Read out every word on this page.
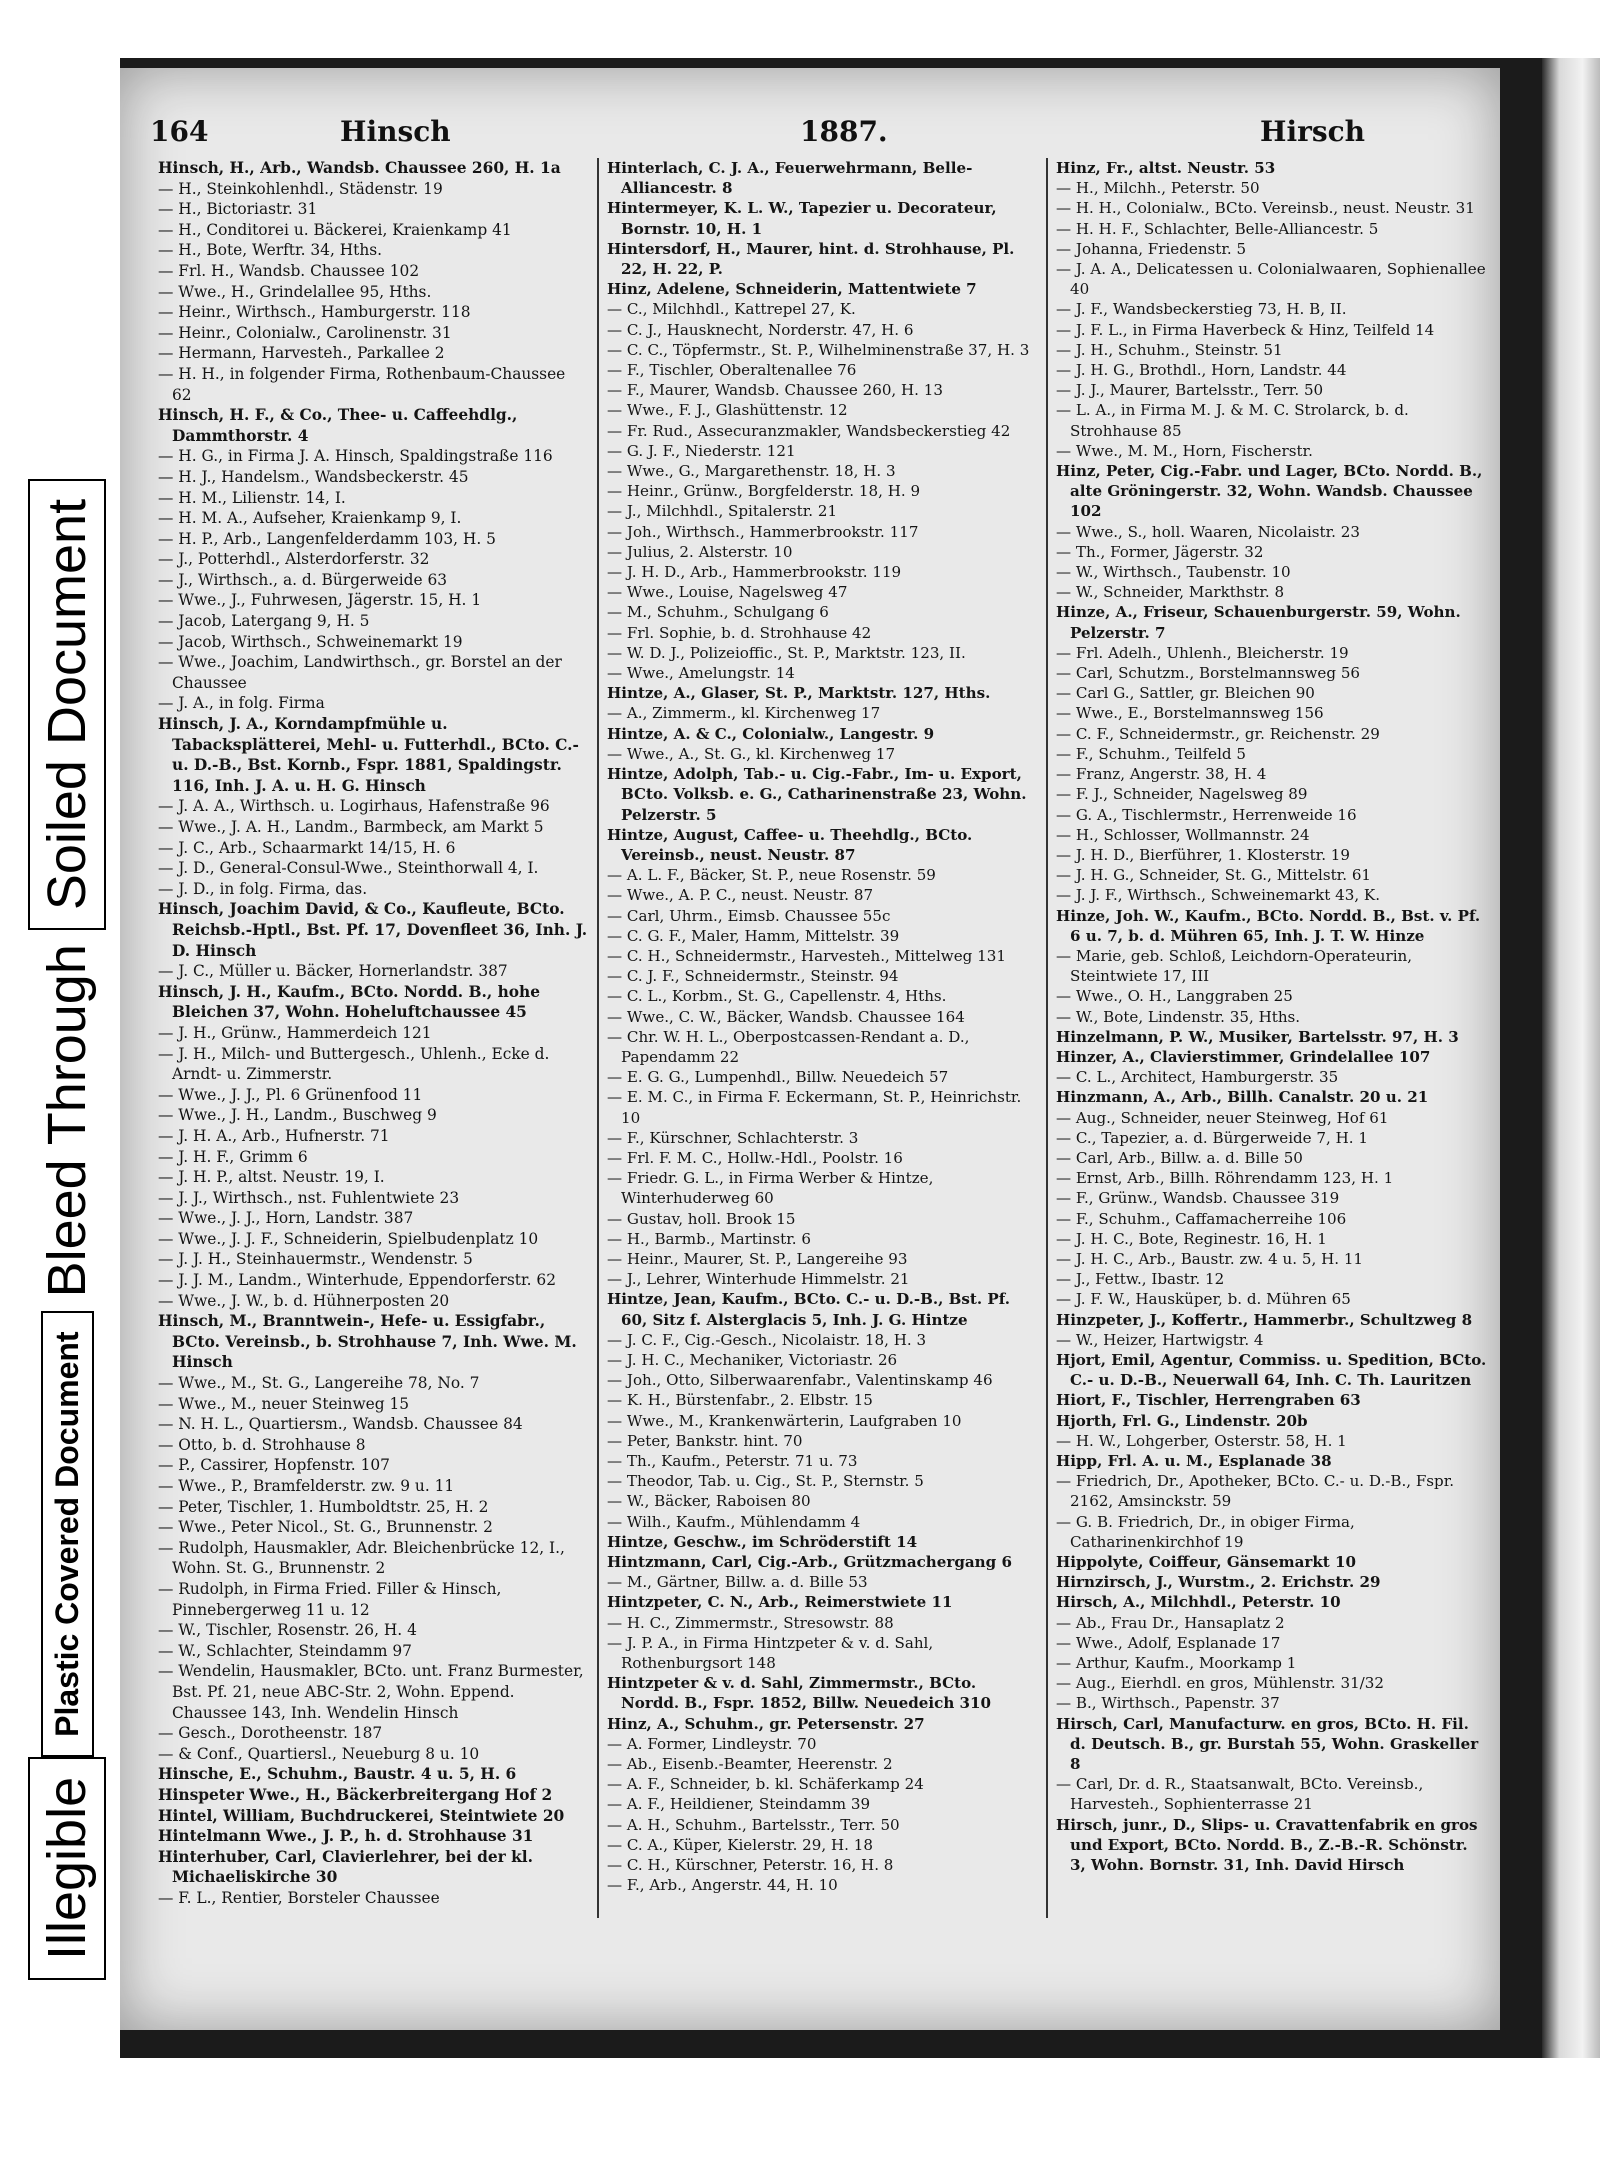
Illegible
Plastic Covered Document
Bleed Through
Soiled Document
164	Hinsch	1887.	Hirsch
Hinsch, H., Arb., Wandsb. Chaussee 260, H. 1a
— H., Steinkohlenhdl., Städenstr. 19
— H., Bictoriastr. 31
— H., Conditorei u. Bäckerei, Kraienkamp 41
— H., Bote, Werftr. 34, Hths.
— Frl. H., Wandsb. Chaussee 102
— Wwe., H., Grindelallee 95, Hths.
— Heinr., Wirthsch., Hamburgerstr. 118
— Heinr., Colonialw., Carolinenstr. 31
— Hermann, Harvesteh., Parkallee 2
— H. H., in folgender Firma, Rothenbaum-Chaussee 62
Hinsch, H. F., & Co., Thee- u. Caffeehdlg., Dammthorstr. 4
— H. G., in Firma J. A. Hinsch, Spaldingstraße 116
— H. J., Handelsm., Wandsbeckerstr. 45
— H. M., Lilienstr. 14, I.
— H. M. A., Aufseher, Kraienkamp 9, I.
— H. P., Arb., Langenfelderdamm 103, H. 5
— J., Potterhdl., Alsterdorferstr. 32
— J., Wirthsch., a. d. Bürgerweide 63
— Wwe., J., Fuhrwesen, Jägerstr. 15, H. 1
— Jacob, Latergang 9, H. 5
— Jacob, Wirthsch., Schweinemarkt 19
— Wwe., Joachim, Landwirthsch., gr. Borstel an der Chaussee
— J. A., in folg. Firma
Hinsch, J. A., Korndampfmühle u. Tabacksplätterei, Mehl- u. Futterhdl., BCto. C.- u. D.-B., Bst. Kornb., Fspr. 1881, Spaldingstr. 116, Inh. J. A. u. H. G. Hinsch
— J. A. A., Wirthsch. u. Logirhaus, Hafenstraße 96
— Wwe., J. A. H., Landm., Barmbeck, am Markt 5
— J. C., Arb., Schaarmarkt 14/15, H. 6
— J. D., General-Consul-Wwe., Steinthorwall 4, I.
— J. D., in folg. Firma, das.
Hinsch, Joachim David, & Co., Kaufleute, BCto. Reichsb.-Hptl., Bst. Pf. 17, Dovenfleet 36, Inh. J. D. Hinsch
— J. C., Müller u. Bäcker, Hornerlandstr. 387
Hinsch, J. H., Kaufm., BCto. Nordd. B., hohe Bleichen 37, Wohn. Hoheluftchaussee 45
— J. H., Grünw., Hammerdeich 121
— J. H., Milch- und Buttergesch., Uhlenh., Ecke d. Arndt- u. Zimmerstr.
— Wwe., J. J., Pl. 6 Grünenfood 11
— Wwe., J. H., Landm., Buschweg 9
— J. H. A., Arb., Hufnerstr. 71
— J. H. F., Grimm 6
— J. H. P., altst. Neustr. 19, I.
— J. J., Wirthsch., nst. Fuhlentwiete 23
— Wwe., J. J., Horn, Landstr. 387
— Wwe., J. J. F., Schneiderin, Spielbudenplatz 10
— J. J. H., Steinhauermstr., Wendenstr. 5
— J. J. M., Landm., Winterhude, Eppendorferstr. 62
— Wwe., J. W., b. d. Hühnerposten 20
Hinsch, M., Branntwein-, Hefe- u. Essigfabr., BCto. Vereinsb., b. Strohhause 7, Inh. Wwe. M. Hinsch
— Wwe., M., St. G., Langereihe 78, No. 7
— Wwe., M., neuer Steinweg 15
— N. H. L., Quartiersm., Wandsb. Chaussee 84
— Otto, b. d. Strohhause 8
— P., Cassirer, Hopfenstr. 107
— Wwe., P., Bramfelderstr. zw. 9 u. 11
— Peter, Tischler, 1. Humboldtstr. 25, H. 2
— Wwe., Peter Nicol., St. G., Brunnenstr. 2
— Rudolph, Hausmakler, Adr. Bleichenbrücke 12, I., Wohn. St. G., Brunnenstr. 2
— Rudolph, in Firma Fried. Filler & Hinsch, Pinnebergerweg 11 u. 12
— W., Tischler, Rosenstr. 26, H. 4
— W., Schlachter, Steindamm 97
— Wendelin, Hausmakler, BCto. unt. Franz Burmester, Bst. Pf. 21, neue ABC-Str. 2, Wohn. Eppend. Chaussee 143, Inh. Wendelin Hinsch
— Gesch., Dorotheenstr. 187
— & Conf., Quartiersl., Neueburg 8 u. 10
Hinsche, E., Schuhm., Baustr. 4 u. 5, H. 6
Hinspeter Wwe., H., Bäckerbreitergang Hof 2
Hintel, William, Buchdruckerei, Steintwiete 20
Hintelmann Wwe., J. P., h. d. Strohhause 31
Hinterhuber, Carl, Clavierlehrer, bei der kl. Michaeliskirche 30
— F. L., Rentier, Borsteler Chaussee
Hinterlach, C. J. A., Feuerwehrmann, Belle-Alliancestr. 8
Hintermeyer, K. L. W., Tapezier u. Decorateur, Bornstr. 10, H. 1
Hintersdorf, H., Maurer, hint. d. Strohhause, Pl. 22, H. 22, P.
Hinz, Adelene, Schneiderin, Mattentwiete 7
— C., Milchhdl., Kattrepel 27, K.
— C. J., Hausknecht, Norderstr. 47, H. 6
— C. C., Töpfermstr., St. P., Wilhelminenstraße 37, H. 3
— F., Tischler, Oberaltenallee 76
— F., Maurer, Wandsb. Chaussee 260, H. 13
— Wwe., F. J., Glashüttenstr. 12
— Fr. Rud., Assecuranzmakler, Wandsbeckerstieg 42
— G. J. F., Niederstr. 121
— Wwe., G., Margarethenstr. 18, H. 3
— Heinr., Grünw., Borgfelderstr. 18, H. 9
— J., Milchhdl., Spitalerstr. 21
— Joh., Wirthsch., Hammerbrookstr. 117
— Julius, 2. Alsterstr. 10
— J. H. D., Arb., Hammerbrookstr. 119
— Wwe., Louise, Nagelsweg 47
— M., Schuhm., Schulgang 6
— Frl. Sophie, b. d. Strohhause 42
— W. D. J., Polizeioffic., St. P., Marktstr. 123, II.
— Wwe., Amelungstr. 14
Hintze, A., Glaser, St. P., Marktstr. 127, Hths.
— A., Zimmerm., kl. Kirchenweg 17
Hintze, A. & C., Colonialw., Langestr. 9
— Wwe., A., St. G., kl. Kirchenweg 17
Hintze, Adolph, Tab.- u. Cig.-Fabr., Im- u. Export, BCto. Volksb. e. G., Catharinenstraße 23, Wohn. Pelzerstr. 5
Hintze, August, Caffee- u. Theehdlg., BCto. Vereinsb., neust. Neustr. 87
— A. L. F., Bäcker, St. P., neue Rosenstr. 59
— Wwe., A. P. C., neust. Neustr. 87
— Carl, Uhrm., Eimsb. Chaussee 55c
— C. G. F., Maler, Hamm, Mittelstr. 39
— C. H., Schneidermstr., Harvesteh., Mittelweg 131
— C. J. F., Schneidermstr., Steinstr. 94
— C. L., Korbm., St. G., Capellenstr. 4, Hths.
— Wwe., C. W., Bäcker, Wandsb. Chaussee 164
— Chr. W. H. L., Oberpostcassen-Rendant a. D., Papendamm 22
— E. G. G., Lumpenhdl., Billw. Neuedeich 57
— E. M. C., in Firma F. Eckermann, St. P., Heinrichstr. 10
— F., Kürschner, Schlachterstr. 3
— Frl. F. M. C., Hollw.-Hdl., Poolstr. 16
— Friedr. G. L., in Firma Werber & Hintze, Winterhuderweg 60
— Gustav, holl. Brook 15
— H., Barmb., Martinstr. 6
— Heinr., Maurer, St. P., Langereihe 93
— J., Lehrer, Winterhude Himmelstr. 21
Hintze, Jean, Kaufm., BCto. C.- u. D.-B., Bst. Pf. 60, Sitz f. Alsterglacis 5, Inh. J. G. Hintze
— J. C. F., Cig.-Gesch., Nicolaistr. 18, H. 3
— J. H. C., Mechaniker, Victoriastr. 26
— Joh., Otto, Silberwaarenfabr., Valentinskamp 46
— K. H., Bürstenfabr., 2. Elbstr. 15
— Wwe., M., Krankenwärterin, Laufgraben 10
— Peter, Bankstr. hint. 70
— Th., Kaufm., Peterstr. 71 u. 73
— Theodor, Tab. u. Cig., St. P., Sternstr. 5
— W., Bäcker, Raboisen 80
— Wilh., Kaufm., Mühlendamm 4
Hintze, Geschw., im Schröderstift 14
Hintzmann, Carl, Cig.-Arb., Grützmachergang 6
— M., Gärtner, Billw. a. d. Bille 53
Hintzpeter, C. N., Arb., Reimerstwiete 11
— H. C., Zimmermstr., Stresowstr. 88
— J. P. A., in Firma Hintzpeter & v. d. Sahl, Rothenburgsort 148
Hintzpeter & v. d. Sahl, Zimmermstr., BCto. Nordd. B., Fspr. 1852, Billw. Neuedeich 310
Hinz, A., Schuhm., gr. Petersenstr. 27
— A. Former, Lindleystr. 70
— Ab., Eisenb.-Beamter, Heerenstr. 2
— A. F., Schneider, b. kl. Schäferkamp 24
— A. F., Heildiener, Steindamm 39
— A. H., Schuhm., Bartelsstr., Terr. 50
— C. A., Küper, Kielerstr. 29, H. 18
— C. H., Kürschner, Peterstr. 16, H. 8
— F., Arb., Angerstr. 44, H. 10
Hinz, Fr., altst. Neustr. 53
— H., Milchh., Peterstr. 50
— H. H., Colonialw., BCto. Vereinsb., neust. Neustr. 31
— H. H. F., Schlachter, Belle-Alliancestr. 5
— Johanna, Friedenstr. 5
— J. A. A., Delicatessen u. Colonialwaaren, Sophienallee 40
— J. F., Wandsbeckerstieg 73, H. B, II.
— J. F. L., in Firma Haverbeck & Hinz, Teilfeld 14
— J. H., Schuhm., Steinstr. 51
— J. H. G., Brothdl., Horn, Landstr. 44
— J. J., Maurer, Bartelsstr., Terr. 50
— L. A., in Firma M. J. & M. C. Strolarck, b. d. Strohhause 85
— Wwe., M. M., Horn, Fischerstr.
Hinz, Peter, Cig.-Fabr. und Lager, BCto. Nordd. B., alte Gröningerstr. 32, Wohn. Wandsb. Chaussee 102
— Wwe., S., holl. Waaren, Nicolaistr. 23
— Th., Former, Jägerstr. 32
— W., Wirthsch., Taubenstr. 10
— W., Schneider, Markthstr. 8
Hinze, A., Friseur, Schauenburgerstr. 59, Wohn. Pelzerstr. 7
— Frl. Adelh., Uhlenh., Bleicherstr. 19
— Carl, Schutzm., Borstelmannsweg 56
— Carl G., Sattler, gr. Bleichen 90
— Wwe., E., Borstelmannsweg 156
— C. F., Schneidermstr., gr. Reichenstr. 29
— F., Schuhm., Teilfeld 5
— Franz, Angerstr. 38, H. 4
— F. J., Schneider, Nagelsweg 89
— G. A., Tischlermstr., Herrenweide 16
— H., Schlosser, Wollmannstr. 24
— J. H. D., Bierführer, 1. Klosterstr. 19
— J. H. G., Schneider, St. G., Mittelstr. 61
— J. J. F., Wirthsch., Schweinemarkt 43, K.
Hinze, Joh. W., Kaufm., BCto. Nordd. B., Bst. v. Pf. 6 u. 7, b. d. Mühren 65, Inh. J. T. W. Hinze
— Marie, geb. Schloß, Leichdorn-Operateurin, Steintwiete 17, III
— Wwe., O. H., Langgraben 25
— W., Bote, Lindenstr. 35, Hths.
Hinzelmann, P. W., Musiker, Bartelsstr. 97, H. 3
Hinzer, A., Clavierstimmer, Grindelallee 107
— C. L., Architect, Hamburgerstr. 35
Hinzmann, A., Arb., Billh. Canalstr. 20 u. 21
— Aug., Schneider, neuer Steinweg, Hof 61
— C., Tapezier, a. d. Bürgerweide 7, H. 1
— Carl, Arb., Billw. a. d. Bille 50
— Ernst, Arb., Billh. Röhrendamm 123, H. 1
— F., Grünw., Wandsb. Chaussee 319
— F., Schuhm., Caffamacherreihe 106
— J. H. C., Bote, Reginestr. 16, H. 1
— J. H. C., Arb., Baustr. zw. 4 u. 5, H. 11
— J., Fettw., Ibastr. 12
— J. F. W., Hausküper, b. d. Mühren 65
Hinzpeter, J., Koffertr., Hammerbr., Schultzweg 8
— W., Heizer, Hartwigstr. 4
Hjort, Emil, Agentur, Commiss. u. Spedition, BCto. C.- u. D.-B., Neuerwall 64, Inh. C. Th. Lauritzen
Hiort, F., Tischler, Herrengraben 63
Hjorth, Frl. G., Lindenstr. 20b
— H. W., Lohgerber, Osterstr. 58, H. 1
Hipp, Frl. A. u. M., Esplanade 38
— Friedrich, Dr., Apotheker, BCto. C.- u. D.-B., Fspr. 2162, Amsinckstr. 59
— G. B. Friedrich, Dr., in obiger Firma, Catharinenkirchhof 19
Hippolyte, Coiffeur, Gänsemarkt 10
Hirnzirsch, J., Wurstm., 2. Erichstr. 29
Hirsch, A., Milchhdl., Peterstr. 10
— Ab., Frau Dr., Hansaplatz 2
— Wwe., Adolf, Esplanade 17
— Arthur, Kaufm., Moorkamp 1
— Aug., Eierhdl. en gros, Mühlenstr. 31/32
— B., Wirthsch., Papenstr. 37
Hirsch, Carl, Manufacturw. en gros, BCto. H. Fil. d. Deutsch. B., gr. Burstah 55, Wohn. Graskeller 8
— Carl, Dr. d. R., Staatsanwalt, BCto. Vereinsb., Harvesteh., Sophienterrasse 21
Hirsch, junr., D., Slips- u. Cravattenfabrik en gros und Export, BCto. Nordd. B., Z.-B.-R. Schönstr. 3, Wohn. Bornstr. 31, Inh. David Hirsch
